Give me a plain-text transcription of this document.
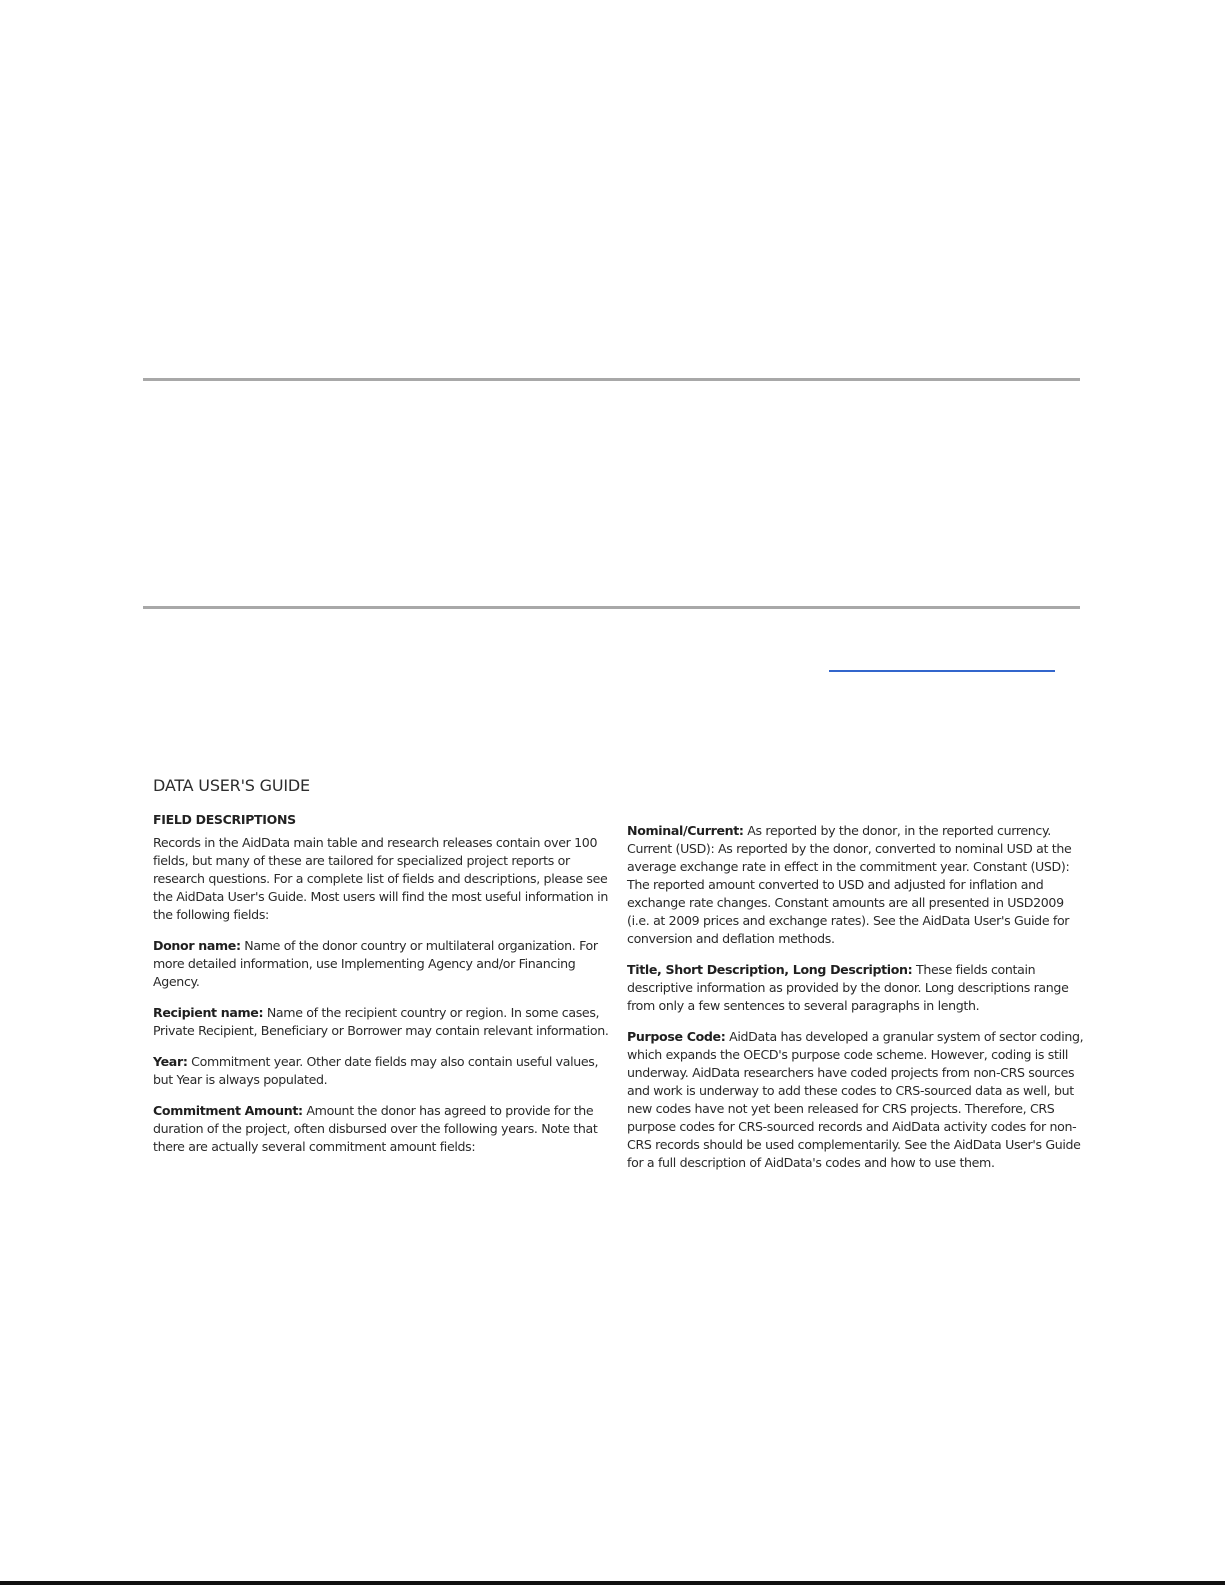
DATA USER'S GUIDE
FIELD DESCRIPTIONS

Records in the AidData main table and research releases contain over 100 fields, but many of these are tailored for specialized project reports or research questions. For a complete list of fields and descriptions, please see the AidData User's Guide. Most users will find the most useful information in the following fields:

Donor name: Name of the donor country or multilateral organization. For more detailed information, use Implementing Agency and/or Financing Agency.

Recipient name: Name of the recipient country or region. In some cases, Private Recipient, Beneficiary or Borrower may contain relevant information.

Year: Commitment year. Other date fields may also contain useful values, but Year is always populated.

Commitment Amount: Amount the donor has agreed to provide for the duration of the project, often disbursed over the following years. Note that there are actually several commitment amount fields:

Nominal/Current: As reported by the donor, in the reported currency. Current (USD): As reported by the donor, converted to nominal USD at the average exchange rate in effect in the commitment year. Constant (USD): The reported amount converted to USD and adjusted for inflation and exchange rate changes. Constant amounts are all presented in USD2009 (i.e. at 2009 prices and exchange rates). See the AidData User's Guide for conversion and deflation methods.

Title, Short Description, Long Description: These fields contain descriptive information as provided by the donor. Long descriptions range from only a few sentences to several paragraphs in length.

Purpose Code: AidData has developed a granular system of sector coding, which expands the OECD's purpose code scheme. However, coding is still underway. AidData researchers have coded projects from non-CRS sources and work is underway to add these codes to CRS-sourced data as well, but new codes have not yet been released for CRS projects. Therefore, CRS purpose codes for CRS-sourced records and AidData activity codes for non-CRS records should be used complementarily. See the AidData User's Guide for a full description of AidData's codes and how to use them.
